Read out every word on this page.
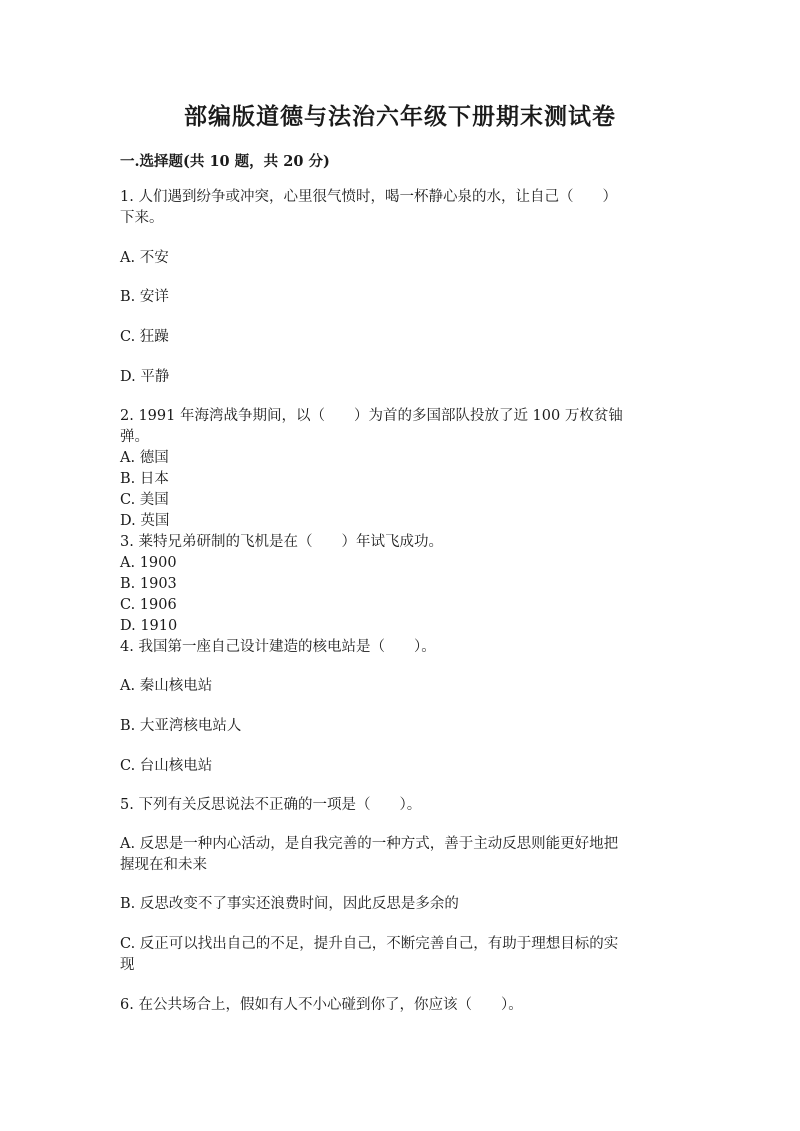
部编版道德与法治六年级下册期末测试卷
一.选择题(共 10 题，共 20 分)
1. 人们遇到纷争或冲突，心里很气愤时，喝一杯静心泉的水，让自己（　　）
下来。
A. 不安
B. 安详
C. 狂躁
D. 平静
2. 1991 年海湾战争期间，以（　　）为首的多国部队投放了近 100 万枚贫铀
弹。
A. 德国
B. 日本
C. 美国
D. 英国
3. 莱特兄弟研制的飞机是在（　　）年试飞成功。
A. 1900
B. 1903
C. 1906
D. 1910
4. 我国第一座自己设计建造的核电站是（　　）。
A. 秦山核电站
B. 大亚湾核电站人
C. 台山核电站
5. 下列有关反思说法不正确的一项是（　　）。
A. 反思是一种内心活动，是自我完善的一种方式，善于主动反思则能更好地把
握现在和未来
B. 反思改变不了事实还浪费时间，因此反思是多余的
C. 反正可以找出自己的不足，提升自己，不断完善自己，有助于理想目标的实
现
6. 在公共场合上，假如有人不小心碰到你了，你应该（　　）。
